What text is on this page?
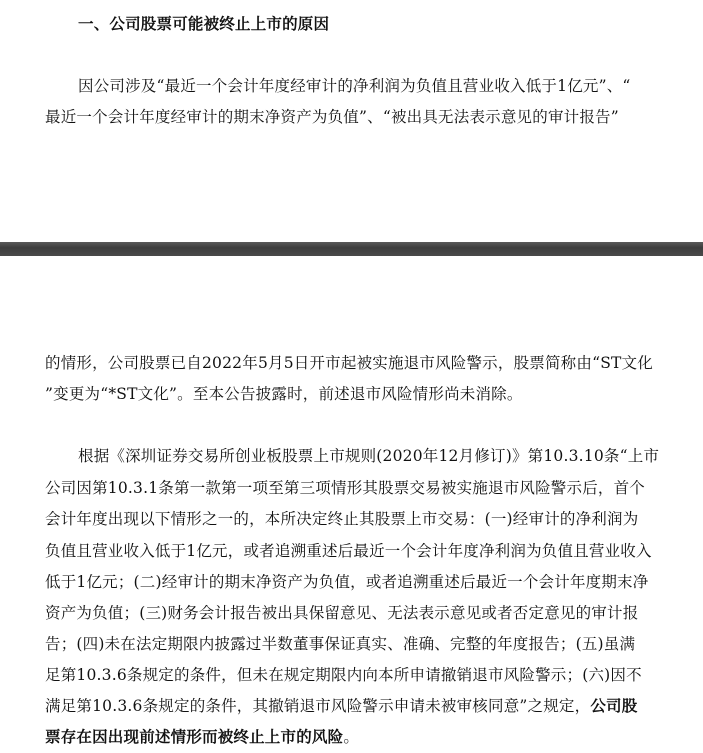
一、公司股票可能被终止上市的原因
因公司涉及“最近一个会计年度经审计的净利润为负值且营业收入低于1亿元”、“
最近一个会计年度经审计的期末净资产为负值”、“被出具无法表示意见的审计报告”
的情形，公司股票已自2022年5月5日开市起被实施退市风险警示，股票简称由“ST文化
”变更为“*ST文化”。至本公告披露时，前述退市风险情形尚未消除。
根据《深圳证券交易所创业板股票上市规则(2020年12月修订)》第10.3.10条“上市
公司因第10.3.1条第一款第一项至第三项情形其股票交易被实施退市风险警示后，首个
会计年度出现以下情形之一的，本所决定终止其股票上市交易：(一)经审计的净利润为
负值且营业收入低于1亿元，或者追溯重述后最近一个会计年度净利润为负值且营业收入
低于1亿元；(二)经审计的期末净资产为负值，或者追溯重述后最近一个会计年度期末净
资产为负值；(三)财务会计报告被出具保留意见、无法表示意见或者否定意见的审计报
告；(四)未在法定期限内披露过半数董事保证真实、准确、完整的年度报告；(五)虽满
足第10.3.6条规定的条件，但未在规定期限内向本所申请撤销退市风险警示；(六)因不
满足第10.3.6条规定的条件，其撤销退市风险警示申请未被审核同意”之规定，公司股
票存在因出现前述情形而被终止上市的风险。
